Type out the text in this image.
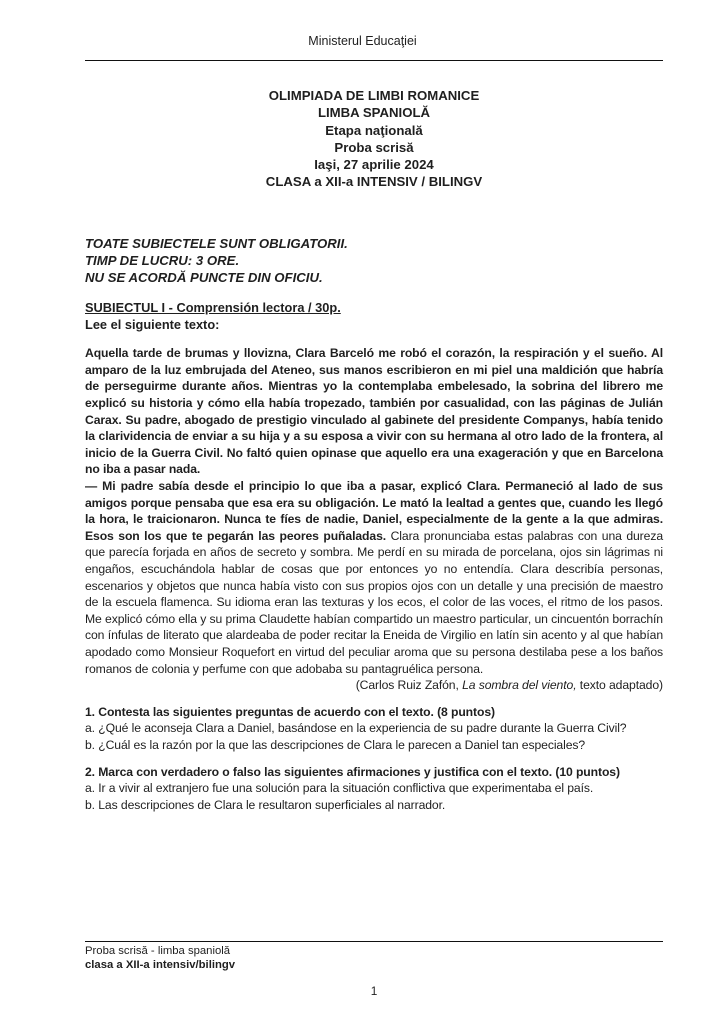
Ministerul Educaţiei
OLIMPIADA DE LIMBI ROMANICE
LIMBA SPANIOLĂ
Etapa naţională
Proba scrisă
Iaşi, 27 aprilie 2024
CLASA a XII-a INTENSIV / BILINGV
TOATE SUBIECTELE SUNT OBLIGATORII.
TIMP DE LUCRU: 3 ORE.
NU SE ACORDĂ PUNCTE DIN OFICIU.
SUBIECTUL I - Comprensión lectora / 30p.
Lee el siguiente texto:

Aquella tarde de brumas y llovizna, Clara Barceló me robó el corazón, la respiración y el sueño. Al amparo de la luz embrujada del Ateneo, sus manos escribieron en mi piel una maldición que habría de perseguirme durante años. Mientras yo la contemplaba embelesado, la sobrina del librero me explicó su historia y cómo ella había tropezado, también por casualidad, con las páginas de Julián Carax. Su padre, abogado de prestigio vinculado al gabinete del presidente Companys, había tenido la clarividencia de enviar a su hija y a su esposa a vivir con su hermana al otro lado de la frontera, al inicio de la Guerra Civil. No faltó quien opinase que aquello era una exageración y que en Barcelona no iba a pasar nada.

— Mi padre sabía desde el principio lo que iba a pasar, explicó Clara. Permaneció al lado de sus amigos porque pensaba que esa era su obligación. Le mató la lealtad a gentes que, cuando les llegó la hora, le traicionaron. Nunca te fíes de nadie, Daniel, especialmente de la gente a la que admiras. Esos son los que te pegarán las peores puñaladas. Clara pronunciaba estas palabras con una dureza que parecía forjada en años de secreto y sombra. Me perdí en su mirada de porcelana, ojos sin lágrimas ni engaños, escuchándola hablar de cosas que por entonces yo no entendía. Clara describía personas, escenarios y objetos que nunca había visto con sus propios ojos con un detalle y una precisión de maestro de la escuela flamenca. Su idioma eran las texturas y los ecos, el color de las voces, el ritmo de los pasos. Me explicó cómo ella y su prima Claudette habían compartido un maestro particular, un cincuentón borrachín con ínfulas de literato que alardeaba de poder recitar la Eneida de Virgilio en latín sin acento y al que habían apodado como Monsieur Roquefort en virtud del peculiar aroma que su persona destilaba pese a los baños romanos de colonia y perfume con que adobaba su pantagruélica persona.

(Carlos Ruiz Zafón, La sombra del viento, texto adaptado)

1. Contesta las siguientes preguntas de acuerdo con el texto. (8 puntos)

a. ¿Qué le aconseja Clara a Daniel, basándose en la experiencia de su padre durante la Guerra Civil?

b. ¿Cuál es la razón por la que las descripciones de Clara le parecen a Daniel tan especiales?

2. Marca con verdadero o falso las siguientes afirmaciones y justifica con el texto. (10 puntos)

a. Ir a vivir al extranjero fue una solución para la situación conflictiva que experimentaba el país.

b. Las descripciones de Clara le resultaron superficiales al narrador.

Proba scrisă - limba spaniolă
clasa a XII-a intensiv/bilingv
1
